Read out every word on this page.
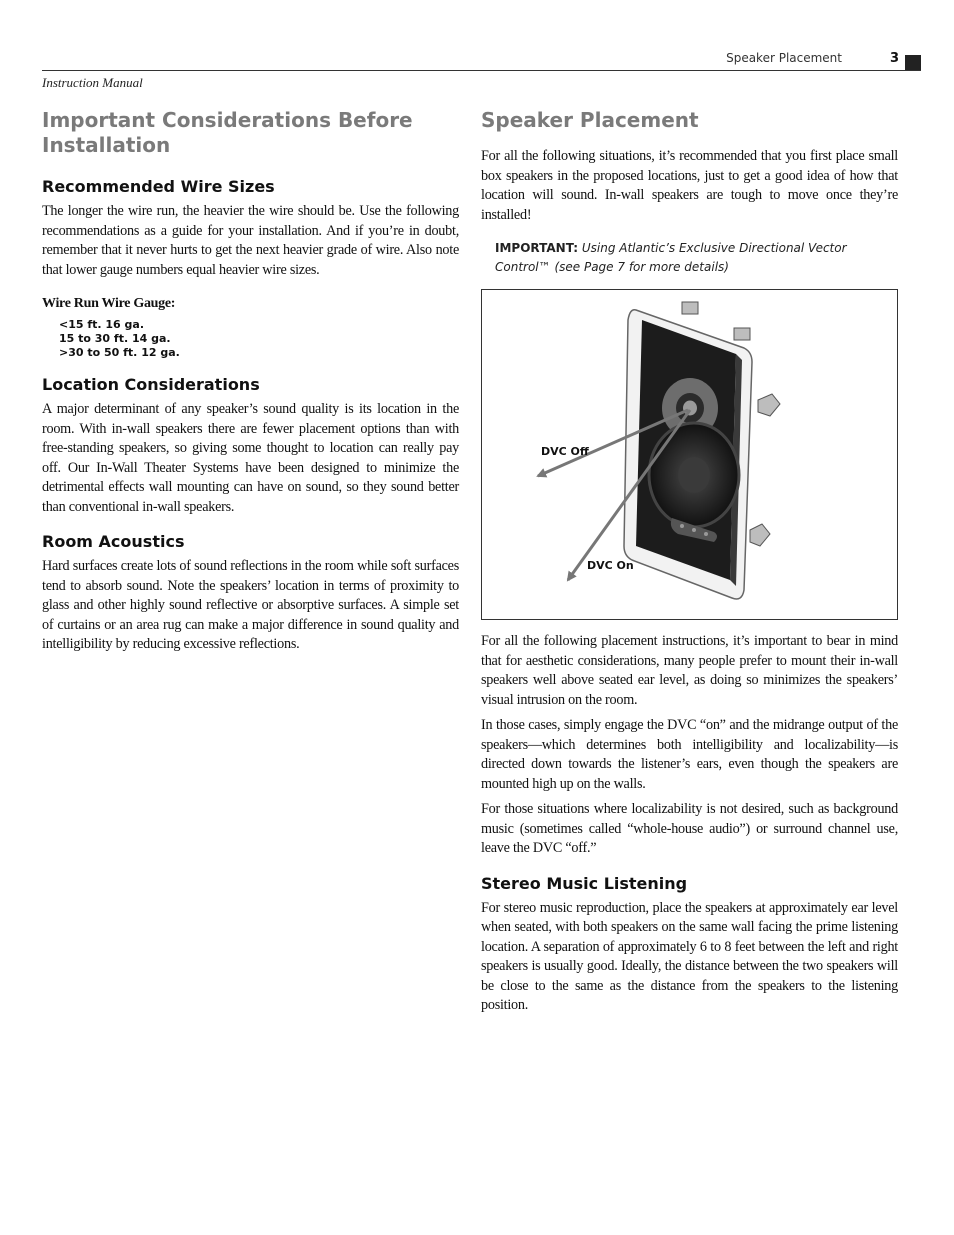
Speaker Placement	3
Instruction Manual
Important Considerations Before Installation
Recommended Wire Sizes

The longer the wire run, the heavier the wire should be. Use the following recommendations as a guide for your installation. And if you’re in doubt, remember that it never hurts to get the next heavier grade of wire. Also note that lower gauge numbers equal heavier wire sizes.

Wire Run Wire Gauge:
<15 ft. 16 ga.
15 to 30 ft. 14 ga.
>30 to 50 ft. 12 ga.
Location Considerations

A major determinant of any speaker’s sound quality is its location in the room. With in-wall speakers there are fewer placement options than with free-standing speakers, so giving some thought to location can really pay off. Our In-Wall Theater Systems have been designed to minimize the detrimental effects wall mounting can have on sound, so they sound better than conventional in-wall speakers.

Room Acoustics

Hard surfaces create lots of sound reflections in the room while soft surfaces tend to absorb sound. Note the speakers’ location in terms of proximity to glass and other highly sound reflective or absorptive surfaces. A simple set of curtains or an area rug can make a major difference in sound quality and intelligibility by reducing excessive reflections.

Speaker Placement

For all the following situations, it’s recommended that you first place small box speakers in the proposed locations, just to get a good idea of how that location will sound. In-wall speakers are tough to move once they’re installed!

IMPORTANT: Using Atlantic’s Exclusive Directional Vector Control™ (see Page 7 for more details)
DVC Off
DVC On

For all the following placement instructions, it’s important to bear in mind that for aesthetic considerations, many people prefer to mount their in-wall speakers well above seated ear level, as doing so minimizes the speakers’ visual intrusion on the room.

In those cases, simply engage the DVC “on” and the midrange output of the speakers—which determines both intelligibility and localizability—is directed down towards the listener’s ears, even though the speakers are mounted high up on the walls.

For those situations where localizability is not desired, such as background music (sometimes called “whole-house audio”) or surround channel use, leave the DVC “off.”

Stereo Music Listening

For stereo music reproduction, place the speakers at approximately ear level when seated, with both speakers on the same wall facing the prime listening location. A separation of approximately 6 to 8 feet between the left and right speakers is usually good. Ideally, the distance between the two speakers will be close to the same as the distance from the speakers to the listening position.
